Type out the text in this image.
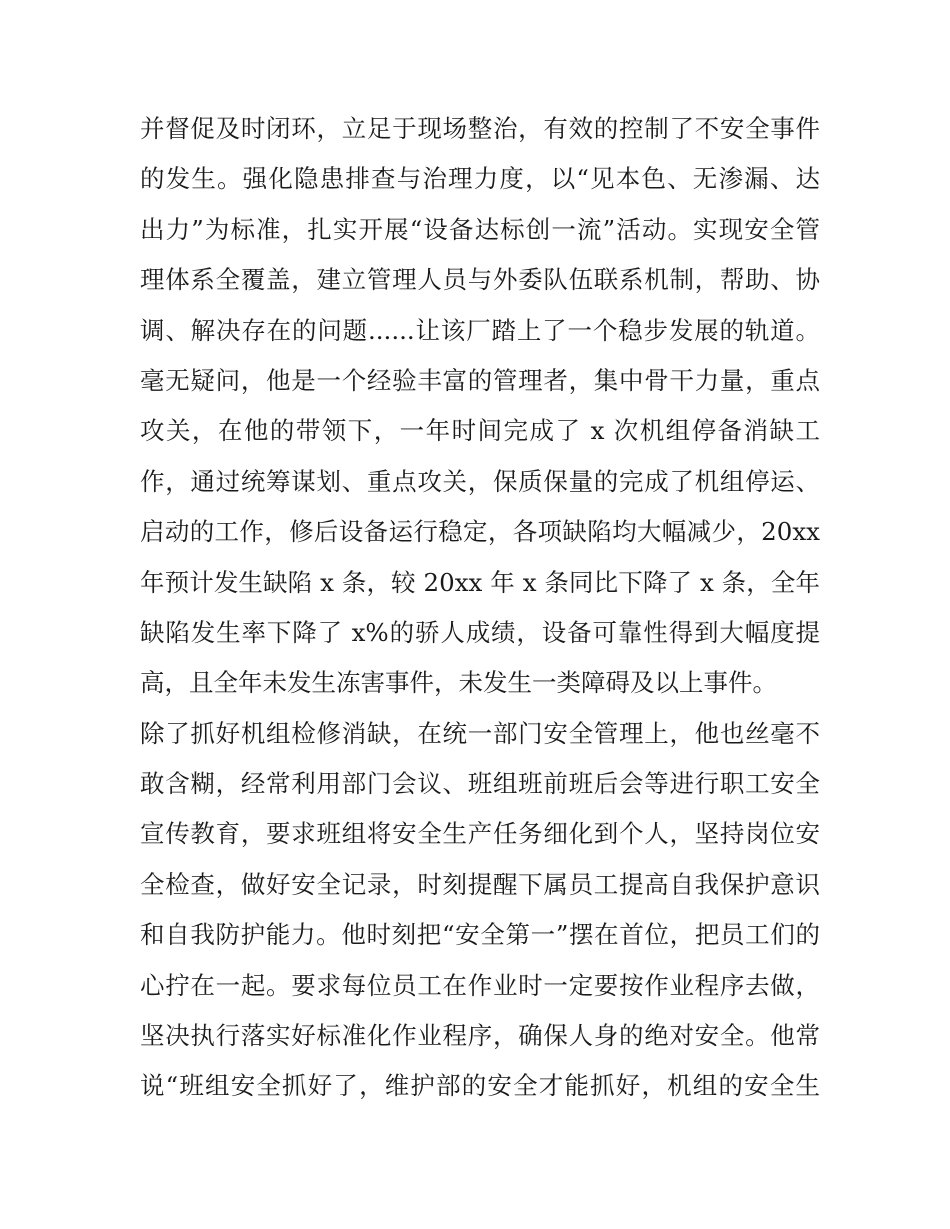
并督促及时闭环，立足于现场整治，有效的控制了不安全事件
的发生。强化隐患排查与治理力度，以“见本色、无渗漏、达
出力”为标准，扎实开展“设备达标创一流”活动。实现安全管
理体系全覆盖，建立管理人员与外委队伍联系机制，帮助、协
调、解决存在的问题......让该厂踏上了一个稳步发展的轨道。
毫无疑问，他是一个经验丰富的管理者，集中骨干力量，重点
攻关，在他的带领下，一年时间完成了 x 次机组停备消缺工
作，通过统筹谋划、重点攻关，保质保量的完成了机组停运、
启动的工作，修后设备运行稳定，各项缺陷均大幅减少，20xx
年预计发生缺陷 x 条，较 20xx 年 x 条同比下降了 x 条，全年
缺陷发生率下降了 x%的骄人成绩，设备可靠性得到大幅度提
高，且全年未发生冻害事件，未发生一类障碍及以上事件。
除了抓好机组检修消缺，在统一部门安全管理上，他也丝毫不
敢含糊，经常利用部门会议、班组班前班后会等进行职工安全
宣传教育，要求班组将安全生产任务细化到个人，坚持岗位安
全检查，做好安全记录，时刻提醒下属员工提高自我保护意识
和自我防护能力。他时刻把“安全第一”摆在首位，把员工们的
心拧在一起。要求每位员工在作业时一定要按作业程序去做，
坚决执行落实好标准化作业程序，确保人身的绝对安全。他常
说“班组安全抓好了，维护部的安全才能抓好，机组的安全生
